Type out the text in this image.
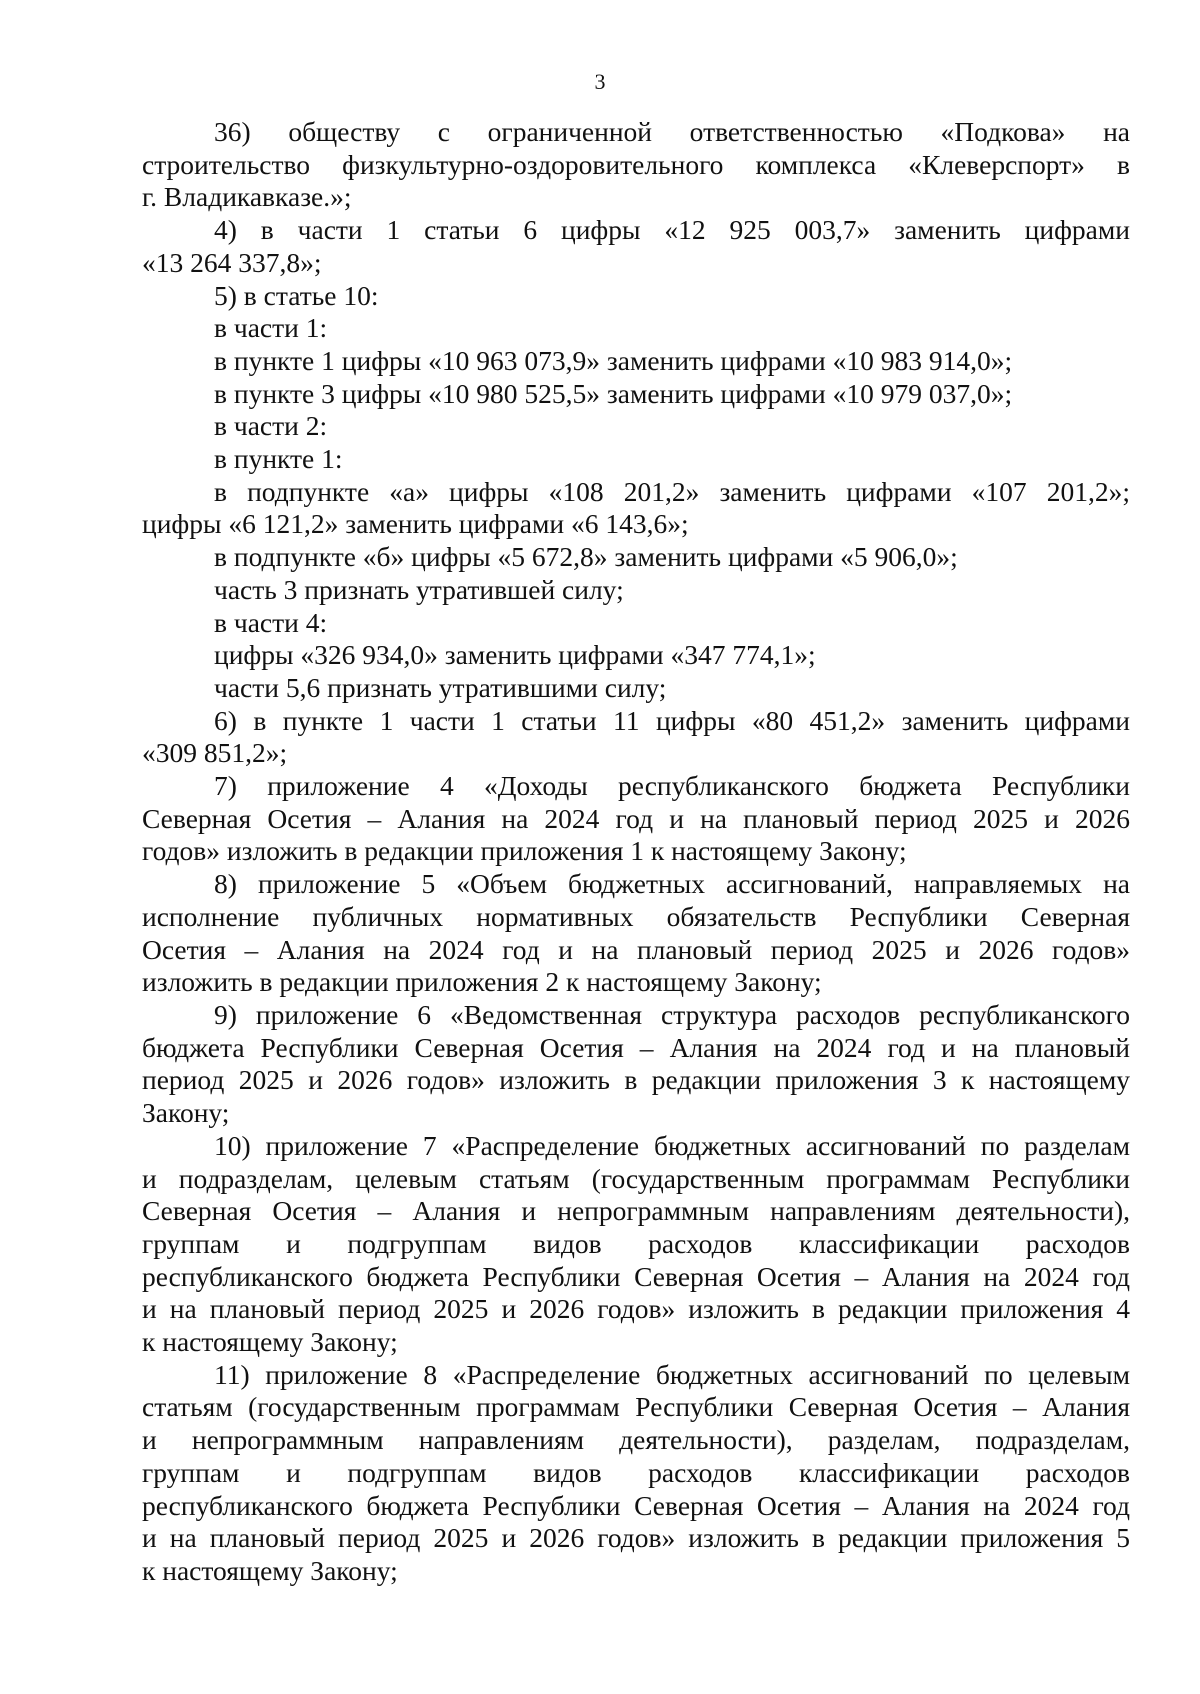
3
36) обществу с ограниченной ответственностью «Подкова» на
строительство физкультурно-оздоровительного комплекса «Клеверспорт» в
г. Владикавказе.»;
4) в части 1 статьи 6 цифры «12 925 003,7» заменить цифрами
«13 264 337,8»;
5) в статье 10:
в части 1:
в пункте 1 цифры «10 963 073,9» заменить цифрами «10 983 914,0»;
в пункте 3 цифры «10 980 525,5» заменить цифрами «10 979 037,0»;
в части 2:
в пункте 1:
в подпункте «а» цифры «108 201,2» заменить цифрами «107 201,2»;
цифры «6 121,2» заменить цифрами «6 143,6»;
в подпункте «б» цифры «5 672,8» заменить цифрами «5 906,0»;
часть 3 признать утратившей силу;
в части 4:
цифры «326 934,0» заменить цифрами «347 774,1»;
части 5,6 признать утратившими силу;
6) в пункте 1 части 1 статьи 11 цифры «80 451,2» заменить цифрами
«309 851,2»;
7) приложение 4 «Доходы республиканского бюджета Республики
Северная Осетия – Алания на 2024 год и на плановый период 2025 и 2026
годов» изложить в редакции приложения 1 к настоящему Закону;
8) приложение 5 «Объем бюджетных ассигнований, направляемых на
исполнение публичных нормативных обязательств Республики Северная
Осетия – Алания на 2024 год и на плановый период 2025 и 2026 годов»
изложить в редакции приложения 2 к настоящему Закону;
9) приложение 6 «Ведомственная структура расходов республиканского
бюджета Республики Северная Осетия – Алания на 2024 год и на плановый
период 2025 и 2026 годов» изложить в редакции приложения 3 к настоящему
Закону;
10) приложение 7 «Распределение бюджетных ассигнований по разделам
и подразделам, целевым статьям (государственным программам Республики
Северная Осетия – Алания и непрограммным направлениям деятельности),
группам и подгруппам видов расходов классификации расходов
республиканского бюджета Республики Северная Осетия – Алания на 2024 год
и на плановый период 2025 и 2026 годов» изложить в редакции приложения 4
к настоящему Закону;
11) приложение 8 «Распределение бюджетных ассигнований по целевым
статьям (государственным программам Республики Северная Осетия – Алания
и непрограммным направлениям деятельности), разделам, подразделам,
группам и подгруппам видов расходов классификации расходов
республиканского бюджета Республики Северная Осетия – Алания на 2024 год
и на плановый период 2025 и 2026 годов» изложить в редакции приложения 5
к настоящему Закону;
